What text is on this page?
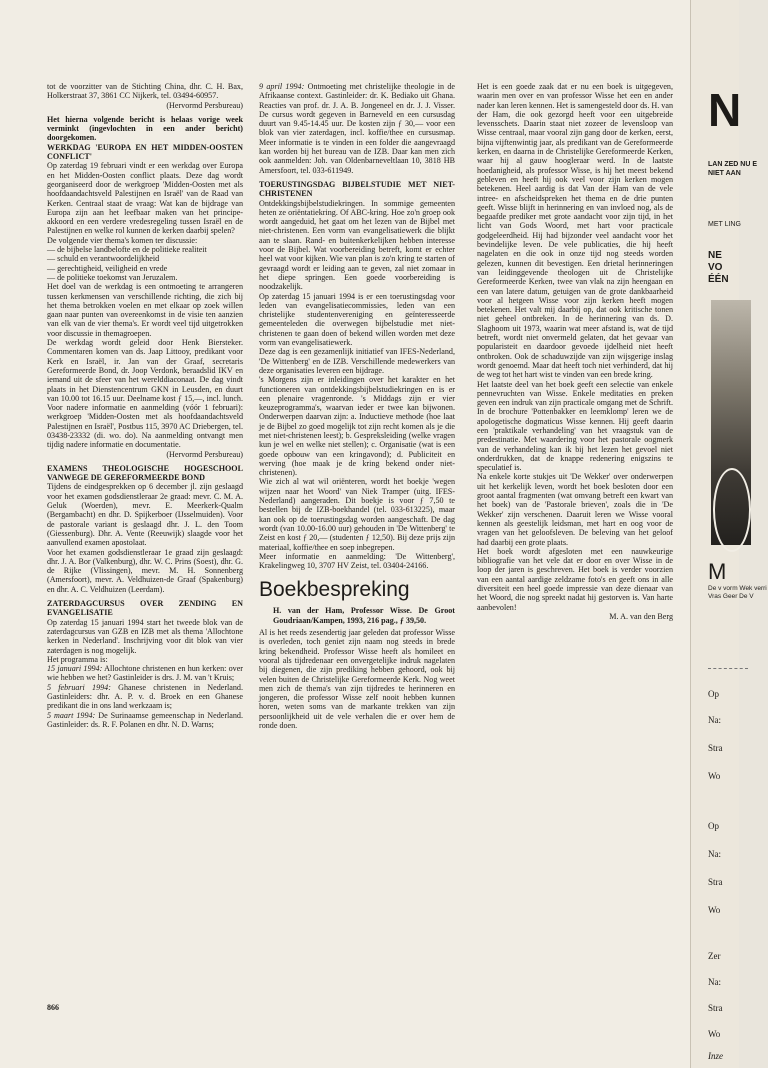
tot de voorzitter van de Stichting China, dhr. C. H. Bax, Holkerstraat 37, 3861 CC Nijkerk, tel. 03494-60957.

(Hervormd Persbureau)

Het hierna volgende bericht is helaas vorige week verminkt (ingevlochten in een ander bericht) doorgekomen.

WERKDAG 'EUROPA EN HET MIDDEN-OOSTEN CONFLICT'

Op zaterdag 19 februari vindt er een werkdag over Europa en het Midden-Oosten conflict plaats. Deze dag wordt georganiseerd door de werkgroep 'Midden-Oosten met als hoofdaandachtsveld Palestijnen en Israël' van de Raad van Kerken. Centraal staat de vraag: Wat kan de bijdrage van Europa zijn aan het leefbaar maken van het principe-akkoord en een verdere vredesregeling tussen Israël en de Palestijnen en welke rol kunnen de kerken daarbij spelen?

De volgende vier thema's komen ter discussie:

— de bijbelse landbelofte en de politieke realiteit

— schuld en verantwoordelijkheid

— gerechtigheid, veiligheid en vrede

— de politieke toekomst van Jeruzalem.

Het doel van de werkdag is een ontmoeting te arrangeren tussen kerkmensen van verschillende richting, die zich bij het thema betrokken voelen en met elkaar op zoek willen gaan naar punten van overeenkomst in de visie ten aanzien van elk van de vier thema's. Er wordt veel tijd uitgetrokken voor discussie in themagroepen.

De werkdag wordt geleid door Henk Biersteker. Commentaren komen van ds. Jaap Littooy, predikant voor Kerk en Israël, ir. Jan van der Graaf, secretaris Gereformeerde Bond, dr. Joop Verdonk, beraadslid IKV en iemand uit de sfeer van het werelddiaconaat. De dag vindt plaats in het Dienstencentrum GKN in Leusden, en duurt van 10.00 tot 16.15 uur. Deelname kost ƒ 15,—, incl. lunch. Voor nadere informatie en aanmelding (vóór 1 februari): werkgroep 'Midden-Oosten met als hoofdaandachtsveld Palestijnen en Israël', Postbus 115, 3970 AC Driebergen, tel. 03438-23332 (di. wo. do). Na aanmelding ontvangt men tijdig nadere informatie en documentatie.

(Hervormd Persbureau)

EXAMENS THEOLOGISCHE HOGESCHOOL VANWEGE DE GEREFORMEERDE BOND

Tijdens de eindgesprekken op 6 december jl. zijn geslaagd voor het examen godsdienstleraar 2e graad: mevr. C. M. A. Geluk (Woerden), mevr. E. Meerkerk-Qualm (Bergambacht) en dhr. D. Spijkerboer (IJsselmuiden). Voor de pastorale variant is geslaagd dhr. J. L. den Toom (Giessenburg). Dhr. A. Vente (Reeuwijk) slaagde voor het aanvullend examen apostolaat.

Voor het examen godsdienstleraar 1e graad zijn geslaagd: dhr. J. A. Bor (Valkenburg), dhr. W. C. Prins (Soest), dhr. G. de Rijke (Vlissingen), mevr. M. H. Sonnenberg (Amersfoort), mevr. A. Veldhuizen-de Graaf (Spakenburg) en dhr. A. C. Veldhuizen (Leerdam).

ZATERDAGCURSUS OVER ZENDING EN EVANGELISATIE

Op zaterdag 15 januari 1994 start het tweede blok van de zaterdagcursus van GZB en IZB met als thema 'Allochtone kerken in Nederland'. Inschrijving voor dit blok van vier zaterdagen is nog mogelijk.

Het programma is:

15 januari 1994: Allochtone christenen en hun kerken: over wie hebben we het? Gastinleider is drs. J. M. van 't Kruis;

5 februari 1994: Ghanese christenen in Nederland. Gastinleiders: dhr. A. P. v. d. Broek en een Ghanese predikant die in ons land werkzaam is;

5 maart 1994: De Surinaamse gemeenschap in Nederland. Gastinleider: ds. R. F. Polanen en dhr. N. D. Warns;

9 april 1994: Ontmoeting met christelijke theologie in de Afrikaanse context. Gastinleider: dr. K. Bediako uit Ghana. Reacties van prof. dr. J. A. B. Jongeneel en dr. J. J. Visser. De cursus wordt gegeven in Barneveld en een cursusdag duurt van 9.45-14.45 uur. De kosten zijn ƒ 30,— voor een blok van vier zaterdagen, incl. koffie/thee en cursusmap. Meer informatie is te vinden in een folder die aangevraagd kan worden bij het bureau van de IZB. Daar kan men zich ook aanmelden: Joh. van Oldenbarneveltlaan 10, 3818 HB Amersfoort, tel. 033-611949.

TOERUSTINGSDAG BIJBELSTUDIE MET NIET-CHRISTENEN

Ontdekkingsbijbelstudiekringen. In sommige gemeenten heten ze oriëntatiekring. Of ABC-kring. Hoe zo'n groep ook wordt aangeduid, het gaat om het lezen van de Bijbel met niet-christenen. Een vorm van evangelisatiewerk die blijkt aan te slaan. Rand- en buitenkerkelijken hebben interesse voor de Bijbel. Wat voorbereiding betreft, komt er echter heel wat voor kijken. Wie van plan is zo'n kring te starten of gevraagd wordt er leiding aan te geven, zal niet zomaar in het diepe springen. Een goede voorbereiding is noodzakelijk.

Op zaterdag 15 januari 1994 is er een toerustingsdag voor leden van evangelisatiecommissies, leden van een christelijke studentenvereniging en geïnteresseerde gemeenteleden die overwegen bijbelstudie met niet-christenen te gaan doen of bekend willen worden met deze vorm van evangelisatiewerk.

Deze dag is een gezamenlijk initiatief van IFES-Nederland, 'De Wittenberg' en de IZB. Verschillende medewerkers van deze organisaties leveren een bijdrage.

's Morgens zijn er inleidingen over het karakter en het functioneren van ontdekkingsbijbelstudiekringen en is er een plenaire vragenronde. 's Middags zijn er vier keuzeprogramma's, waarvan ieder er twee kan bijwonen. Onderwerpen daarvan zijn: a. Inductieve methode (hoe laat je de Bijbel zo goed mogelijk tot zijn recht komen als je die met niet-christenen leest); b. Gespreksleiding (welke vragen kun je wel en welke niet stellen); c. Organisatie (wat is een goede opbouw van een kringavond); d. Publiciteit en werving (hoe maak je de kring bekend onder niet-christenen).

Wie zich al wat wil oriënteren, wordt het boekje 'wegen wijzen naar het Woord' van Niek Tramper (uitg. IFES-Nederland) aangeraden. Dit boekje is voor ƒ 7,50 te bestellen bij de IZB-boekhandel (tel. 033-613225), maar kan ook op de toerustingsdag worden aangeschaft. De dag wordt (van 10.00-16.00 uur) gehouden in 'De Wittenberg' te Zeist en kost ƒ 20,— (studenten ƒ 12,50). Bij deze prijs zijn materiaal, koffie/thee en soep inbegrepen.

Meer informatie en aanmelding: 'De Wittenberg', Krakelingweg 10, 3707 HV Zeist, tel. 03404-24166.

Boekbespreking

H. van der Ham, Professor Wisse. De Groot Goudriaan/Kampen, 1993, 216 pag., ƒ 39,50.

Al is het reeds zesendertig jaar geleden dat professor Wisse is overleden, toch geniet zijn naam nog steeds in brede kring bekendheid. Professor Wisse heeft als homileet en vooral als tijdredenaar een onvergetelijke indruk nagelaten bij diegenen, die zijn prediking hebben gehoord, ook bij velen buiten de Christelijke Gereformeerde Kerk. Nog weet men zich de thema's van zijn tijdredes te herinneren en jongeren, die professor Wisse zelf nooit hebben kunnen horen, weten soms van de markante trekken van zijn persoonlijkheid uit de vele verhalen die er over hem de ronde doen.

Het is een goede zaak dat er nu een boek is uitgegeven, waarin men over en van professor Wisse het een en ander nader kan leren kennen. Het is samengesteld door ds. H. van der Ham, die ook gezorgd heeft voor een uitgebreide levensschets. Daarin staat niet zozeer de levensloop van Wisse centraal, maar vooral zijn gang door de kerken, eerst, bijna vijftenwintig jaar, als predikant van de Gereformeerde kerken, en daarna in de Christelijke Gereformeerde Kerken, waar hij al gauw hoogleraar werd. In de laatste hoedanigheid, als professor Wisse, is hij het meest bekend gebleven en heeft hij ook veel voor zijn kerken mogen betekenen. Heel aardig is dat Van der Ham van de vele intree- en afscheidspreken het thema en de drie punten geeft. Wisse blijft in herinnering en van invloed nog, als de begaafde prediker met grote aandacht voor zijn tijd, in het licht van Gods Woord, met hart voor practicale godgeleerdheid. Hij had bijzonder veel aandacht voor het bevindelijke leven. De vele publicaties, die hij heeft nagelaten en die ook in onze tijd nog steeds worden gelezen, kunnen dit bevestigen. Een drietal herinneringen van leidinggevende theologen uit de Christelijke Gereformeerde Kerken, twee van vlak na zijn heengaan en een van latere datum, getuigen van de grote dankbaarheid voor al hetgeen Wisse voor zijn kerken heeft mogen betekenen. Het valt mij daarbij op, dat ook kritische tonen niet geheel ontbreken. In de herinnering van ds. D. Slaghoom uit 1973, waarin wat meer afstand is, wat de tijd betreft, wordt niet onvermeld gelaten, dat het gevaar van popularisteit en daardoor gevoede ijdelheid niet heeft ontbroken. Ook de schaduwzijde van zijn wijsgerige inslag wordt genoemd. Maar dat heeft toch niet verhinderd, dat hij de weg tot het hart wist te vinden van een brede kring.

Het laatste deel van het boek geeft een selectie van enkele pennevruchten van Wisse. Enkele meditaties en preken geven een indruk van zijn practicale omgang met de Schrift. In de brochure 'Pottenbakker en leemklomp' leren we de apologetische dogmaticus Wisse kennen. Hij geeft daarin een 'praktikale verhandeling' van het vraagstuk van de predestinatie. Met waardering voor het pastorale oogmerk van de verhandeling kan ik bij het lezen het gevoel niet onderdrukken, dat de knappe redenering enigszins te speculatief is.

Na enkele korte stukjes uit 'De Wekker' over onderwerpen uit het kerkelijk leven, wordt het boek besloten door een groot aantal fragmenten (wat omvang betreft een kwart van het boek) van de 'Pastorale brieven', zoals die in 'De Wekker' zijn verschenen. Daaruit leren we Wisse vooral kennen als geestelijk leidsman, met hart en oog voor de vragen van het geloofsleven. De beleving van het geloof had daarbij een grote plaats.

Het boek wordt afgesloten met een nauwkeurige bibliografie van het vele dat er door en over Wisse in de loop der jaren is geschreven. Het boek is verder voorzien van een aantal aardige zeldzame foto's en geeft ons in alle diversiteit een heel goede impressie van deze dienaar van het Woord, die nog spreekt nadat hij gestorven is. Van harte aanbevolen!

M. A. van den Berg

866
N
LAN ZED NU E NIET AAN
MET LING
NE VO ÉÉN
M
De v vorm Wek verri Vras Geer De V
Op
Na:
Stra
Wo
Op
Na:
Stra
Wo
Zer
Na:
Stra
Wo
Inze
